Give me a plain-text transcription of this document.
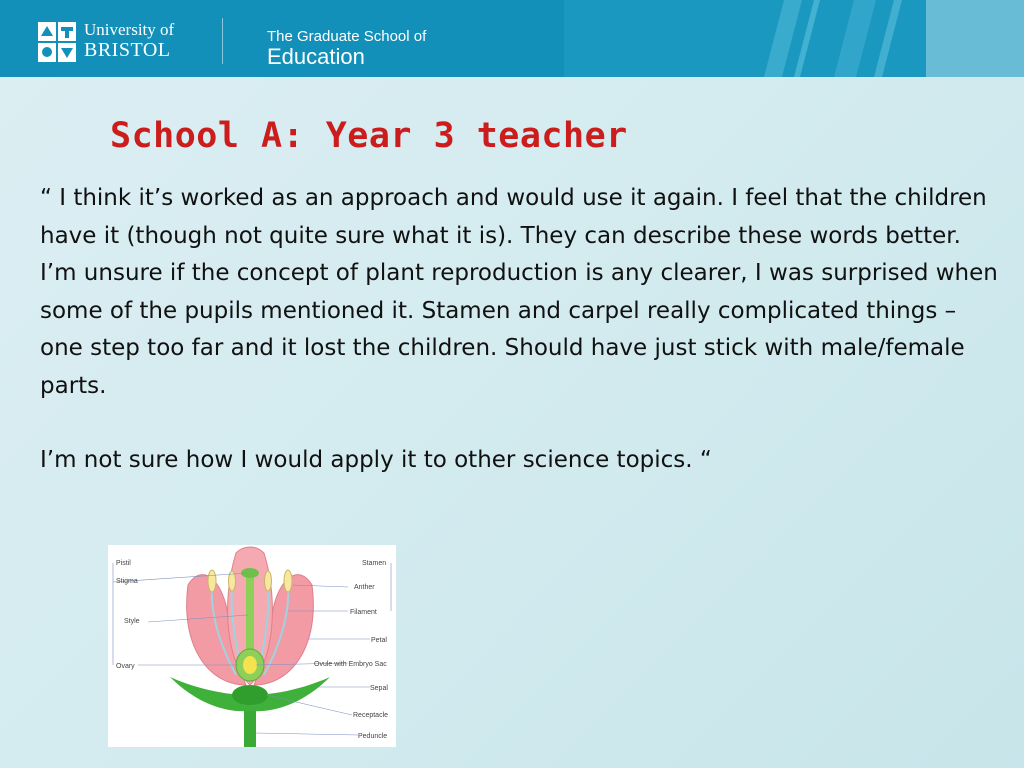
University of
BRISTOL
The Graduate School of
Education
School A: Year 3 teacher

“ I think it’s worked as an approach and would use it again. I feel that the children have it (though not quite sure what it is). They can describe these words better. I’m unsure if the concept of plant reproduction is any clearer, I was surprised when some of the pupils mentioned it. Stamen and carpel really complicated things – one step too far and it lost the children. Should have just stick with male/female parts.

I’m not sure how I would apply it to other science topics. “

Pistil
Stigma
Style
Ovary
Stamen
Anther
Filament
Petal
Ovule with Embryo Sac
Sepal
Receptacle
Peduncle
